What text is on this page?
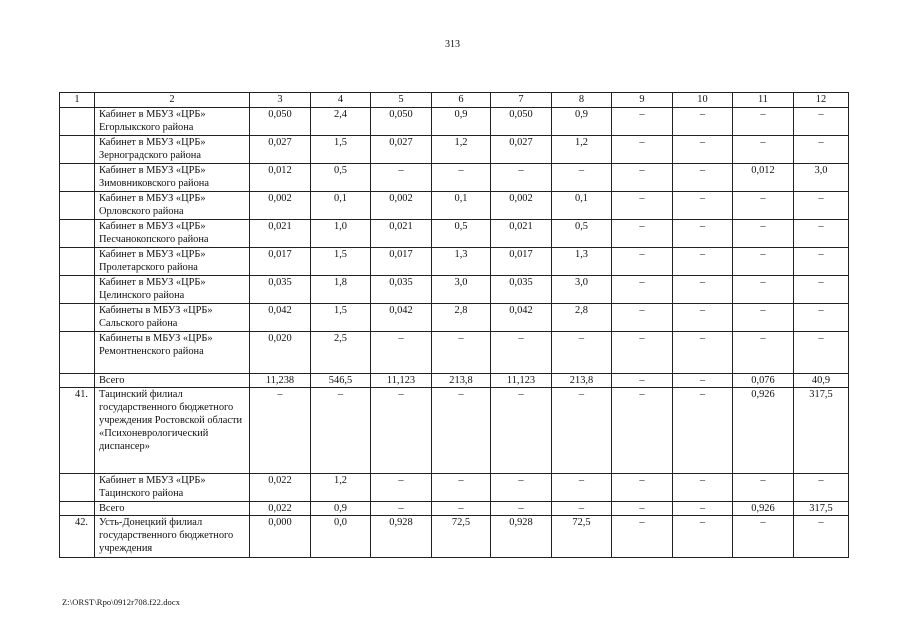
313
1	2	3	4	5	6	7	8	9	10	11	12
	Кабинет в МБУЗ «ЦРБ» Егорлыкского района	0,050	2,4	0,050	0,9	0,050	0,9	–	–	–	–
	Кабинет в МБУЗ «ЦРБ» Зерноградского района	0,027	1,5	0,027	1,2	0,027	1,2	–	–	–	–
	Кабинет в МБУЗ «ЦРБ» Зимовниковского района	0,012	0,5	–	–	–	–	–	–	0,012	3,0
	Кабинет в МБУЗ «ЦРБ» Орловского района	0,002	0,1	0,002	0,1	0,002	0,1	–	–	–	–
	Кабинет в МБУЗ «ЦРБ» Песчанокопского района	0,021	1,0	0,021	0,5	0,021	0,5	–	–	–	–
	Кабинет в МБУЗ «ЦРБ» Пролетарского района	0,017	1,5	0,017	1,3	0,017	1,3	–	–	–	–
	Кабинет в МБУЗ «ЦРБ» Целинского района	0,035	1,8	0,035	3,0	0,035	3,0	–	–	–	–
	Кабинеты в МБУЗ «ЦРБ» Сальского района	0,042	1,5	0,042	2,8	0,042	2,8	–	–	–	–
	Кабинеты в МБУЗ «ЦРБ» Ремонтненского района	0,020	2,5	–	–	–	–	–	–	–	–
	Всего	11,238	546,5	11,123	213,8	11,123	213,8	–	–	0,076	40,9
41.	Тацинский филиал государственного бюджетного учреждения Ростовской области «Психоневрологический диспансер»	–	–	–	–	–	–	–	–	0,926	317,5
	Кабинет в МБУЗ «ЦРБ» Тацинского района	0,022	1,2	–	–	–	–	–	–	–	–
	Всего	0,022	0,9	–	–	–	–	–	–	0,926	317,5
42.	Усть-Донецкий филиал государственного бюджетного учреждения	0,000	0,0	0,928	72,5	0,928	72,5	–	–	–	–
Z:\ORST\Rpo\0912r708.f22.docx
